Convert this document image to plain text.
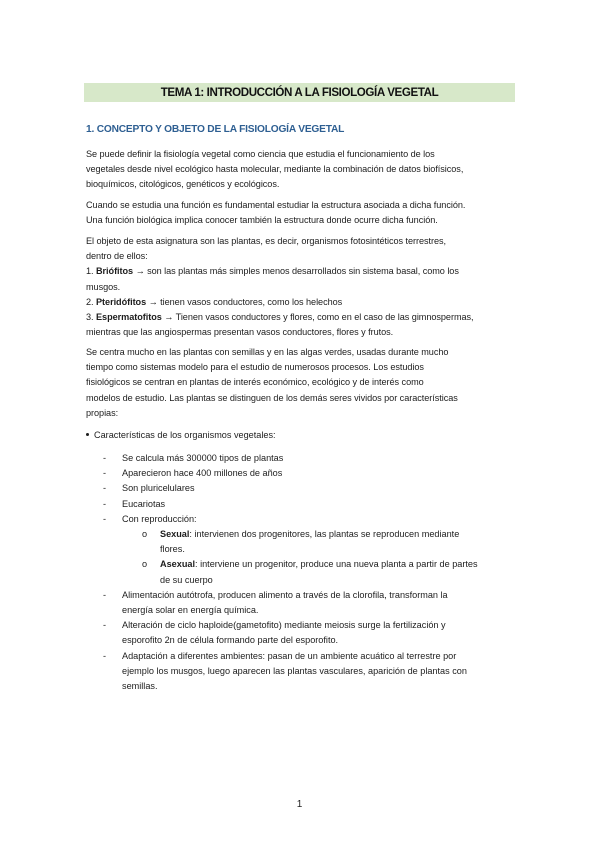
TEMA 1: INTRODUCCIÓN A LA FISIOLOGÍA VEGETAL
1. CONCEPTO Y OBJETO DE LA FISIOLOGÍA VEGETAL
Se puede definir la fisiología vegetal como ciencia que estudia el funcionamiento de los
vegetales desde nivel ecológico hasta molecular, mediante la combinación de datos biofísicos,
bioquímicos, citológicos, genéticos y ecológicos.
Cuando se estudia una función es fundamental estudiar la estructura asociada a dicha función.
Una función biológica implica conocer también la estructura donde ocurre dicha función.
El objeto de esta asignatura son las plantas, es decir, organismos fotosintéticos terrestres,
dentro de ellos:
1. Briófitos → son las plantas más simples menos desarrollados sin sistema basal, como los
musgos.
2. Pteridófitos → tienen vasos conductores, como los helechos
3. Espermatofitos → Tienen vasos conductores y flores, como en el caso de las gimnospermas,
mientras que las angiospermas presentan vasos conductores, flores y frutos.
Se centra mucho en las plantas con semillas y en las algas verdes, usadas durante mucho
tiempo como sistemas modelo para el estudio de numerosos procesos. Los estudios
fisiológicos se centran en plantas de interés económico, ecológico y de interés como
modelos de estudio. Las plantas se distinguen de los demás seres vividos por características
propias:
Características de los organismos vegetales:
- Se calcula más 300000 tipos de plantas
- Aparecieron hace 400 millones de años
- Son pluricelulares
- Eucariotas
- Con reproducción:
o Sexual: intervienen dos progenitores, las plantas se reproducen mediante
flores.
o Asexual: interviene un progenitor, produce una nueva planta a partir de partes
de su cuerpo
- Alimentación autótrofa, producen alimento a través de la clorofila, transforman la
energía solar en energía química.
- Alteración de ciclo haploide(gametofito) mediante meiosis surge la fertilización y
esporofito 2n de célula formando parte del esporofito.
- Adaptación a diferentes ambientes: pasan de un ambiente acuático al terrestre por
ejemplo los musgos, luego aparecen las plantas vasculares, aparición de plantas con
semillas.
1
